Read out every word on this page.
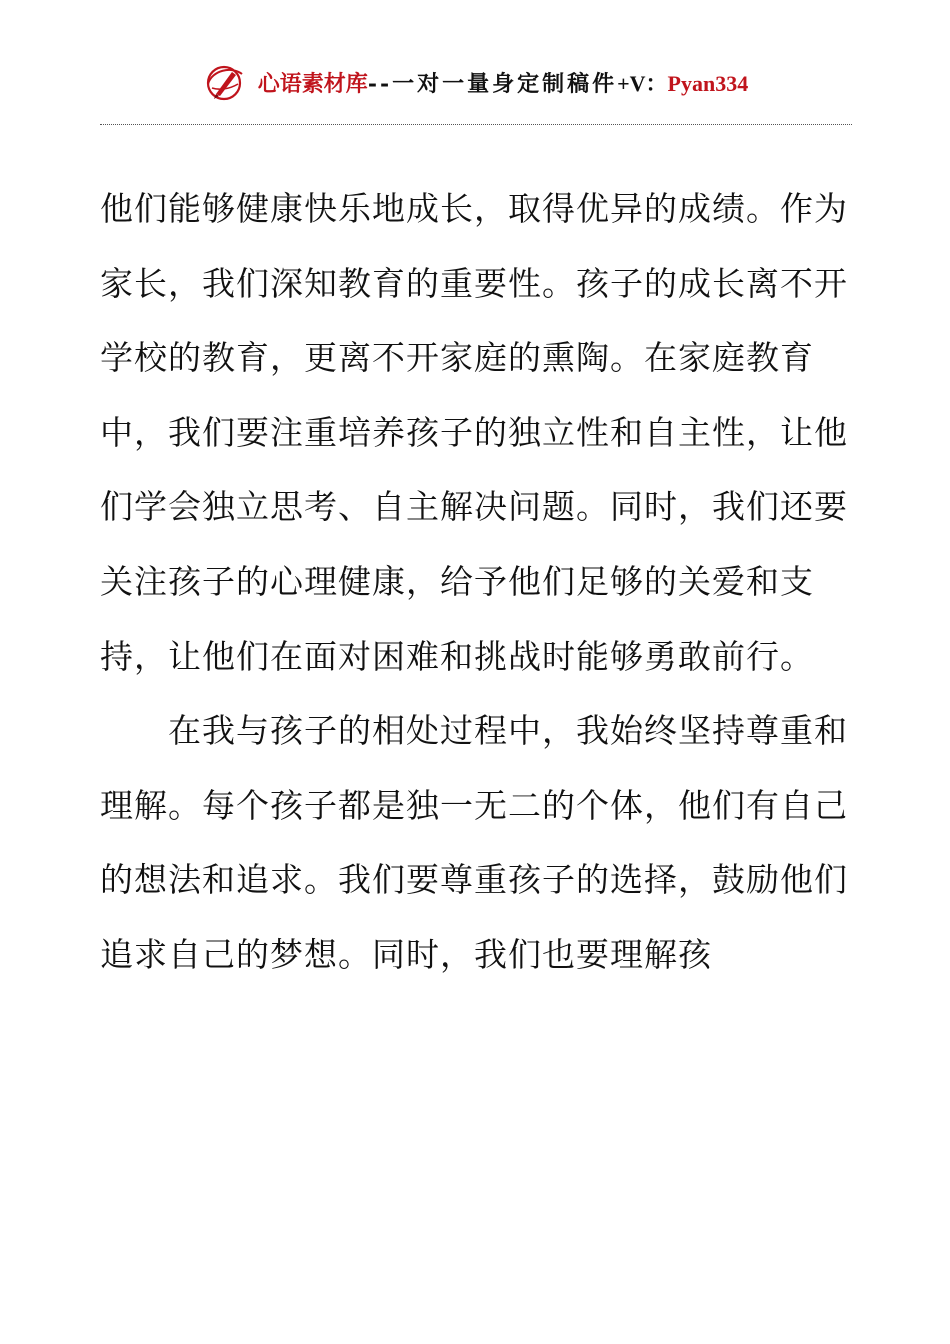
心语素材库 --一对一量身定制稿件 +V： Pyan334

他们能够健康快乐地成长，取得优异的成绩。作为家长，我们深知教育的重要性。孩子的成长离不开学校的教育，更离不开家庭的熏陶。在家庭教育中，我们要注重培养孩子的独立性和自主性，让他们学会独立思考、自主解决问题。同时，我们还要关注孩子的心理健康，给予他们足够的关爱和支持，让他们在面对困难和挑战时能够勇敢前行。

在我与孩子的相处过程中，我始终坚持尊重和理解。每个孩子都是独一无二的个体，他们有自己的想法和追求。我们要尊重孩子的选择，鼓励他们追求自己的梦想。同时，我们也要理解孩
